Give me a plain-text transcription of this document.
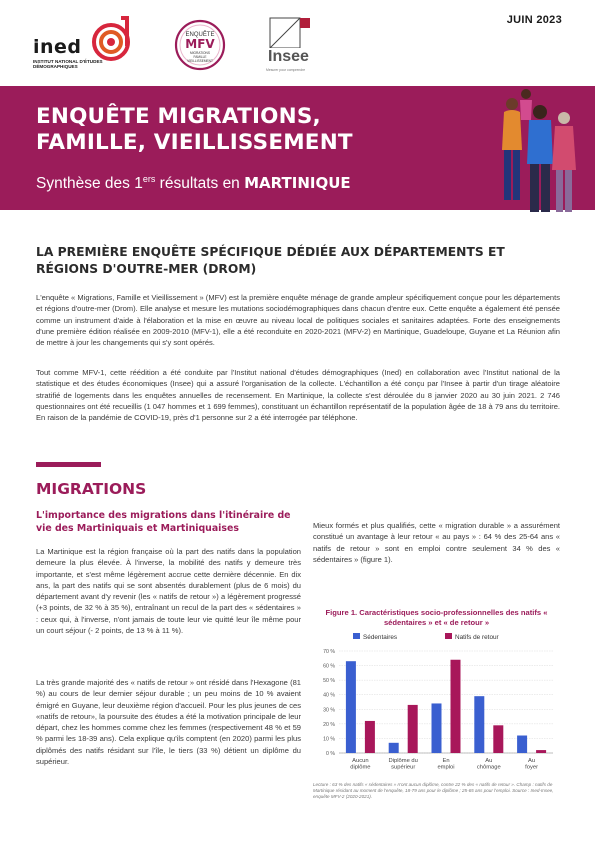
ined
INSTITUT NATIONAL D'ÉTUDES DÉMOGRAPHIQUES
ENQUÊTE
MFV
MIGRATIONS
FAMILLE
VIEILLISSEMENT	Insee
Mesurer pour comprendre
JUIN 2023
ENQUÊTE MIGRATIONS, FAMILLE, VIEILLISSEMENT
Synthèse des 1ers résultats en MARTINIQUE
LA PREMIÈRE ENQUÊTE SPÉCIFIQUE DÉDIÉE AUX DÉPARTEMENTS ET RÉGIONS D'OUTRE-MER (DROM)
L'enquête « Migrations, Famille et Vieillissement » (MFV) est la première enquête ménage de grande ampleur spécifiquement conçue pour les départements et régions d'outre-mer (Drom). Elle analyse et mesure les mutations sociodémographiques dans chacun d'entre eux. Cette enquête a également été pensée comme un instrument d'aide à l'élaboration et la mise en œuvre au niveau local de politiques sociales et sanitaires adaptées. Forte des enseignements d'une première édition réalisée en 2009-2010 (MFV-1), elle a été reconduite en 2020-2021 (MFV-2) en Martinique, Guadeloupe, Guyane et La Réunion afin de mettre à jour les changements qui s'y sont opérés.
Tout comme MFV-1, cette réédition a été conduite par l'Institut national d'études démographiques (Ined) en collaboration avec l'Institut national de la statistique et des études économiques (Insee) qui a assuré l'organisation de la collecte. L'échantillon a été conçu par l'Insee à partir d'un tirage aléatoire stratifié de logements dans les enquêtes annuelles de recensement. En Martinique, la collecte s'est déroulée du 8 janvier 2020 au 30 juin 2021. 2 746 questionnaires ont été recueillis (1 047 hommes et 1 699 femmes), constituant un échantillon représentatif de la population âgée de 18 à 79 ans du territoire. En raison de la pandémie de COVID-19, près d'1 personne sur 2 a été interrogée par téléphone.
MIGRATIONS
L'importance des migrations dans l'itinéraire de vie des Martiniquais et Martiniquaises
La Martinique est la région française où la part des natifs dans la population demeure la plus élevée. À l'inverse, la mobilité des natifs y demeure très importante, et s'est même légèrement accrue cette dernière décennie. En dix ans, la part des natifs qui se sont absentés durablement (plus de 6 mois) du département avant d'y revenir (les « natifs de retour ») a légèrement progressé (+3 points, de 32 % à 35 %), entraînant un recul de la part des « sédentaires » : ceux qui, à l'inverse, n'ont jamais de toute leur vie quitté leur île même pour un court séjour (- 2 points, de 13 % à 11 %).
La très grande majorité des « natifs de retour » ont résidé dans l'Hexagone (81 %) au cours de leur dernier séjour durable ; un peu moins de 10 % avaient émigré en Guyane, leur deuxième région d'accueil. Pour les plus jeunes de ces «natifs de retour», la poursuite des études a été la motivation principale de leur départ, chez les hommes comme chez les femmes (respectivement 48 % et 59 % parmi les 18-39 ans). Cela explique qu'ils comptent (en 2020) parmi les plus diplômés des natifs résidant sur l'île, le tiers (33 %) détient un diplôme du supérieur.
Mieux formés et plus qualifiés, cette « migration durable » a assurément constitué un avantage à leur retour « au pays » : 64 % des 25-64 ans « natifs de retour » sont en emploi contre seulement 34 % des « sédentaires » (figure 1).
Figure 1. Caractéristiques socio-professionnelles des natifs « sédentaires » et « de retour »
Sédentaires	Natifs de retour
0 %
10 %
20 %
30 %
40 %
50 %
60 %
70 %
Aucun
diplôme
Diplôme du
supérieur
En
emploi
Au
chômage
Au
foyer
Lecture : 63 % des natifs « sédentaires » n'ont aucun diplôme, contre 22 % des « natifs de retour ». Champ : natifs de Martinique résidant au moment de l'enquête, 18-79 ans pour le diplôme ; 25-65 ans pour l'emploi. Source : Ined-Insee, enquête MFV-2 (2020-2021).
